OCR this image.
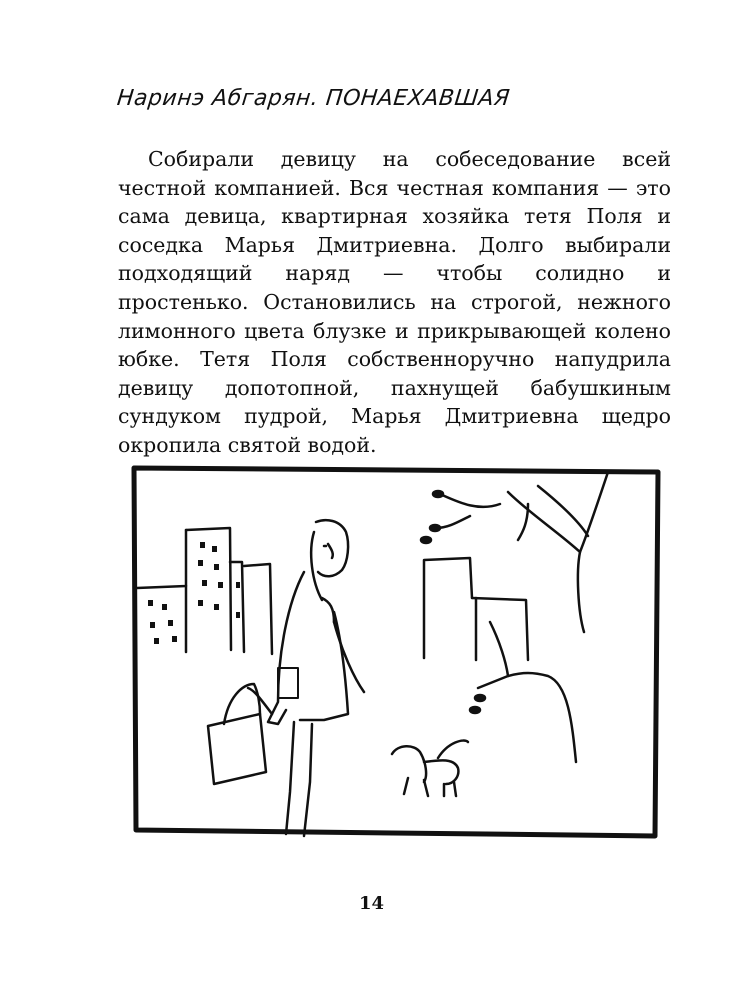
Наринэ Абгарян. ПОНАЕХАВШАЯ

Собирали девицу на собеседование всей честной компанией. Вся честная компания — это сама девица, квартирная хозяйка тетя Поля и соседка Марья Дмитриевна. Долго выбирали подходящий наряд — чтобы солидно и простенько. Остановились на строгой, нежного лимонного цвета блузке и прикрывающей колено юбке. Тетя Поля собственноручно напудрила девицу допотопной, пахнущей бабушкиным сундуком пудрой, Марья Дмитриевна щедро окропила святой водой.

14
